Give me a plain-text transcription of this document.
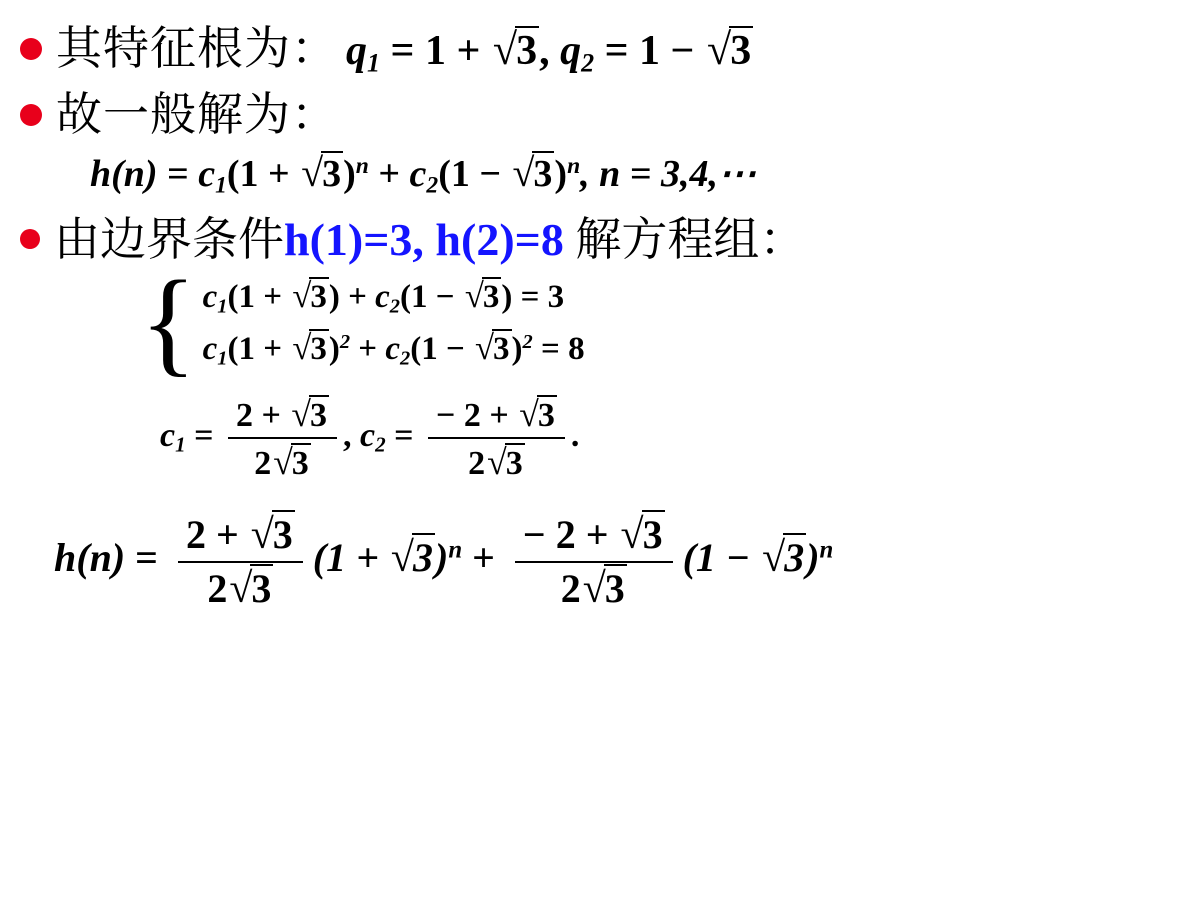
其特征根为： $q_1 = 1 + √3$, $q_2 = 1 - √3$
故一般解为：
$h(n) = c_1(1 + √3)^n + c_2(1 - √3)^n$, n = 3,4,⋯
由边界条件h(1)=3, h(2)=8 解方程组：
{ $c_1(1 + √3) + c_2(1 - √3) = 3$
$c_1(1 + √3)^2 + c_2(1 - √3)^2 = 8$
$c_1 = \frac{2 + √3}{2√3}$ , $c_2 = \frac{- 2 + √3}{2√3}$ .
$h(n) = \frac{2 + √3}{2√3} (1 + √3)^n + \frac{- 2 + √3}{2√3} (1 - √3)^n$
